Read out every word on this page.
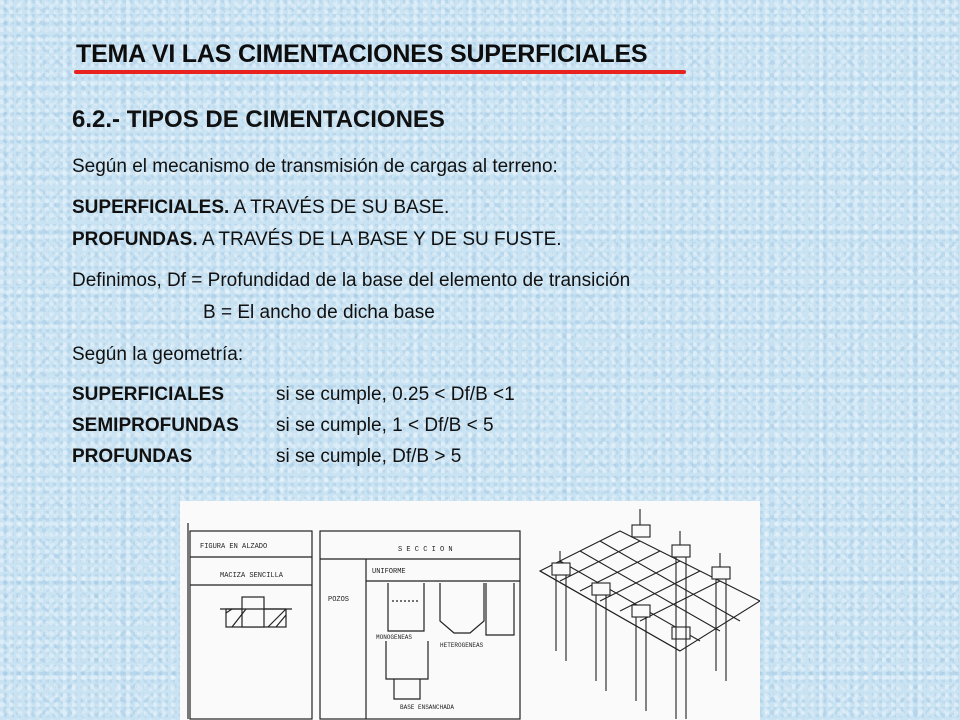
TEMA VI LAS CIMENTACIONES SUPERFICIALES
6.2.- TIPOS DE CIMENTACIONES
Según el mecanismo de transmisión de cargas al terreno:
SUPERFICIALES. A TRAVÉS DE SU BASE.
PROFUNDAS. A TRAVÉS DE LA BASE Y DE SU FUSTE.
Definimos, Df = Profundidad de la base del elemento de transición
B = El ancho de dicha base
Según la geometría:
SUPERFICIALES	si se cumple, 0.25 < Df/B <1
SEMIPROFUNDAS si se cumple, 1 < Df/B < 5
PROFUNDAS	si se cumple, Df/B > 5
FIGURA EN ALZADO
MACIZA SENCILLA
S E C C I O N
POZOS
UNIFORME
MONOGENEAS
HETEROGENEAS
BASE ENSANCHADA
